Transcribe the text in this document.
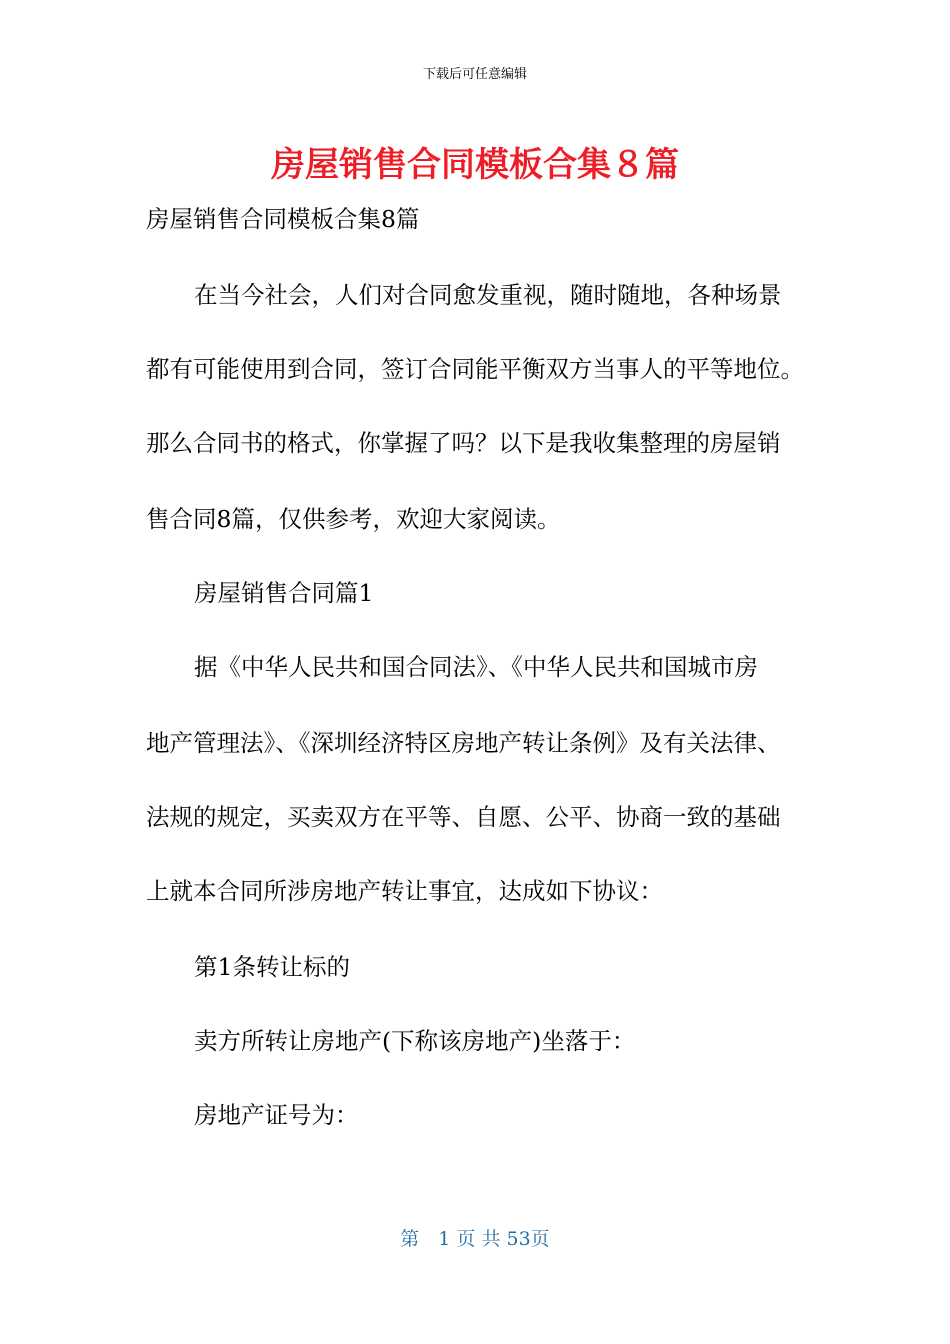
下载后可任意编辑
房屋销售合同模板合集８篇

房屋销售合同模板合集8篇

在当今社会，人们对合同愈发重视，随时随地，各种场景

都有可能使用到合同，签订合同能平衡双方当事人的平等地位。

那么合同书的格式，你掌握了吗？以下是我收集整理的房屋销

售合同8篇，仅供参考，欢迎大家阅读。

房屋销售合同篇1

据《中华人民共和国合同法》、《中华人民共和国城市房

地产管理法》、《深圳经济特区房地产转让条例》及有关法律、

法规的规定，买卖双方在平等、自愿、公平、协商一致的基础

上就本合同所涉房地产转让事宜，达成如下协议：

第1条转让标的

卖方所转让房地产(下称该房地产)坐落于：

房地产证号为：

第　1 页 共 53页
